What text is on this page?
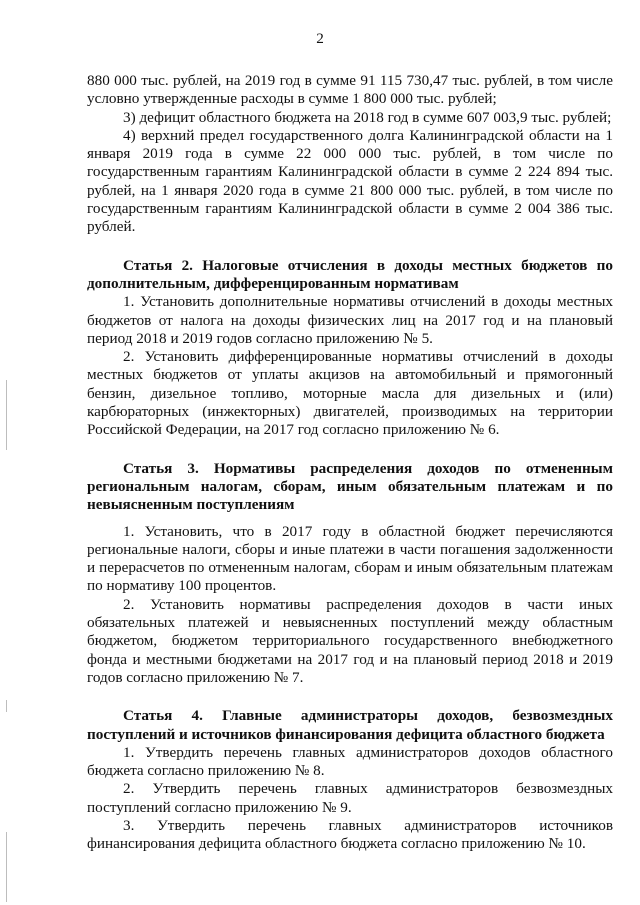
2

880 000 тыс. рублей, на 2019 год в сумме 91 115 730,47 тыс. рублей, в том числе условно утвержденные расходы в сумме 1 800 000 тыс. рублей;

3) дефицит областного бюджета на 2018 год в сумме 607 003,9 тыс. рублей;

4) верхний предел государственного долга Калининградской области на 1 января 2019 года в сумме 22 000 000 тыс. рублей, в том числе по государственным гарантиям Калининградской области в сумме 2 224 894 тыс. рублей, на 1 января 2020 года в сумме 21 800 000 тыс. рублей, в том числе по государственным гарантиям Калининградской области в сумме 2 004 386 тыс. рублей.

Статья 2. Налоговые отчисления в доходы местных бюджетов по дополнительным, дифференцированным нормативам

1. Установить дополнительные нормативы отчислений в доходы местных бюджетов от налога на доходы физических лиц на 2017 год и на плановый период 2018 и 2019 годов согласно приложению № 5.

2. Установить дифференцированные нормативы отчислений в доходы местных бюджетов от уплаты акцизов на автомобильный и прямогонный бензин, дизельное топливо, моторные масла для дизельных и (или) карбюраторных (инжекторных) двигателей, производимых на территории Российской Федерации, на 2017 год согласно приложению № 6.

Статья 3. Нормативы распределения доходов по отмененным региональным налогам, сборам, иным обязательным платежам и по невыясненным поступлениям

1. Установить, что в 2017 году в областной бюджет перечисляются региональные налоги, сборы и иные платежи в части погашения задолженности и перерасчетов по отмененным налогам, сборам и иным обязательным платежам по нормативу 100 процентов.

2. Установить нормативы распределения доходов в части иных обязательных платежей и невыясненных поступлений между областным бюджетом, бюджетом территориального государственного внебюджетного фонда и местными бюджетами на 2017 год и на плановый период 2018 и 2019 годов согласно приложению № 7.

Статья 4. Главные администраторы доходов, безвозмездных поступлений и источников финансирования дефицита областного бюджета

1. Утвердить перечень главных администраторов доходов областного бюджета согласно приложению № 8.

2. Утвердить перечень главных администраторов безвозмездных поступлений согласно приложению № 9.

3. Утвердить перечень главных администраторов источников финансирования дефицита областного бюджета согласно приложению № 10.
